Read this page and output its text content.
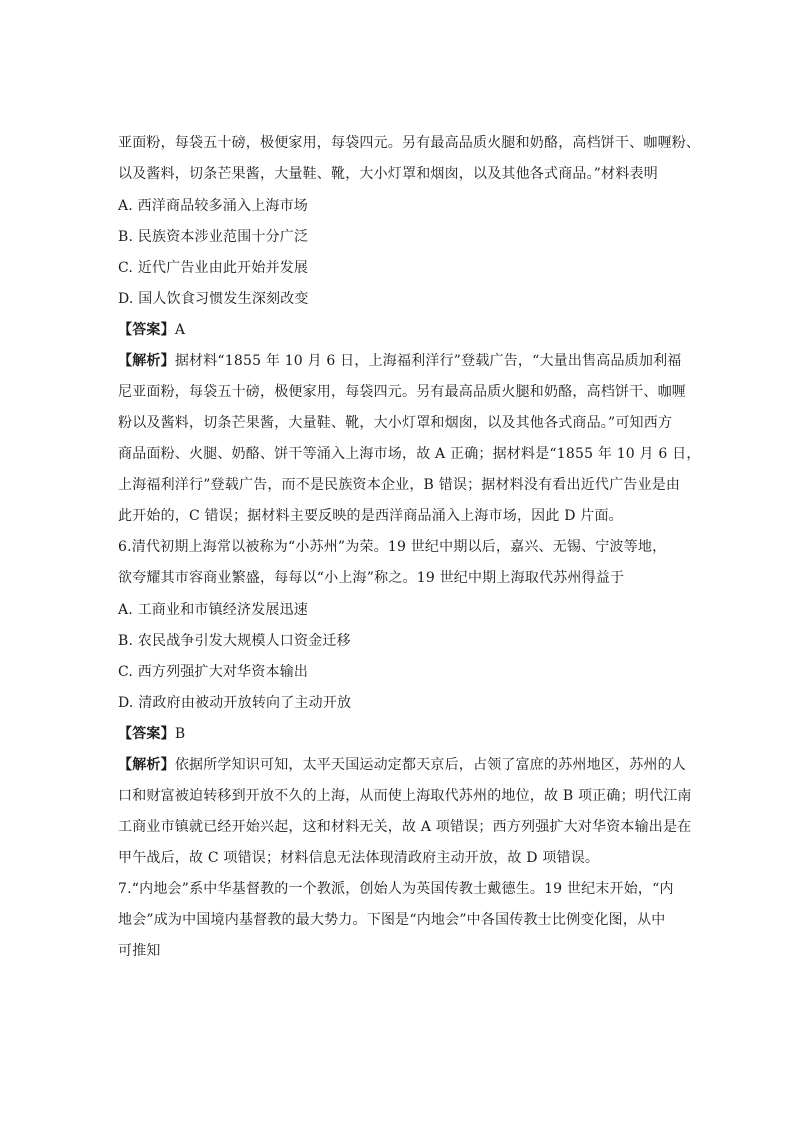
亚面粉，每袋五十磅，极便家用，每袋四元。另有最高品质火腿和奶酪，高档饼干、咖喱粉、
以及酱料，切条芒果酱，大量鞋、靴，大小灯罩和烟囱，以及其他各式商品。”材料表明
A. 西洋商品较多涌入上海市场
B. 民族资本涉业范围十分广泛
C. 近代广告业由此开始并发展
D. 国人饮食习惯发生深刻改变
【答案】A
【解析】据材料“1855 年 10 月 6 日，上海福利洋行”登载广告，“大量出售高品质加利福
尼亚面粉，每袋五十磅，极便家用，每袋四元。另有最高品质火腿和奶酪，高档饼干、咖喱
粉以及酱料，切条芒果酱，大量鞋、靴，大小灯罩和烟囱，以及其他各式商品。”可知西方
商品面粉、火腿、奶酪、饼干等涌入上海市场，故 A 正确；据材料是“1855 年 10 月 6 日，
上海福利洋行”登载广告，而不是民族资本企业，B 错误；据材料没有看出近代广告业是由
此开始的，C 错误；据材料主要反映的是西洋商品涌入上海市场，因此 D 片面。
6.清代初期上海常以被称为“小苏州”为荣。19 世纪中期以后，嘉兴、无锡、宁波等地，
欲夸耀其市容商业繁盛，每每以“小上海”称之。19 世纪中期上海取代苏州得益于
A. 工商业和市镇经济发展迅速
B. 农民战争引发大规模人口资金迁移
C. 西方列强扩大对华资本输出
D. 清政府由被动开放转向了主动开放
【答案】B
【解析】依据所学知识可知，太平天国运动定都天京后，占领了富庶的苏州地区，苏州的人
口和财富被迫转移到开放不久的上海，从而使上海取代苏州的地位，故 B 项正确；明代江南
工商业市镇就已经开始兴起，这和材料无关，故 A 项错误；西方列强扩大对华资本输出是在
甲午战后，故 C 项错误；材料信息无法体现清政府主动开放，故 D 项错误。
7.“内地会”系中华基督教的一个教派，创始人为英国传教士戴德生。19 世纪末开始，“内
地会”成为中国境内基督教的最大势力。下图是“内地会”中各国传教士比例变化图，从中
可推知
